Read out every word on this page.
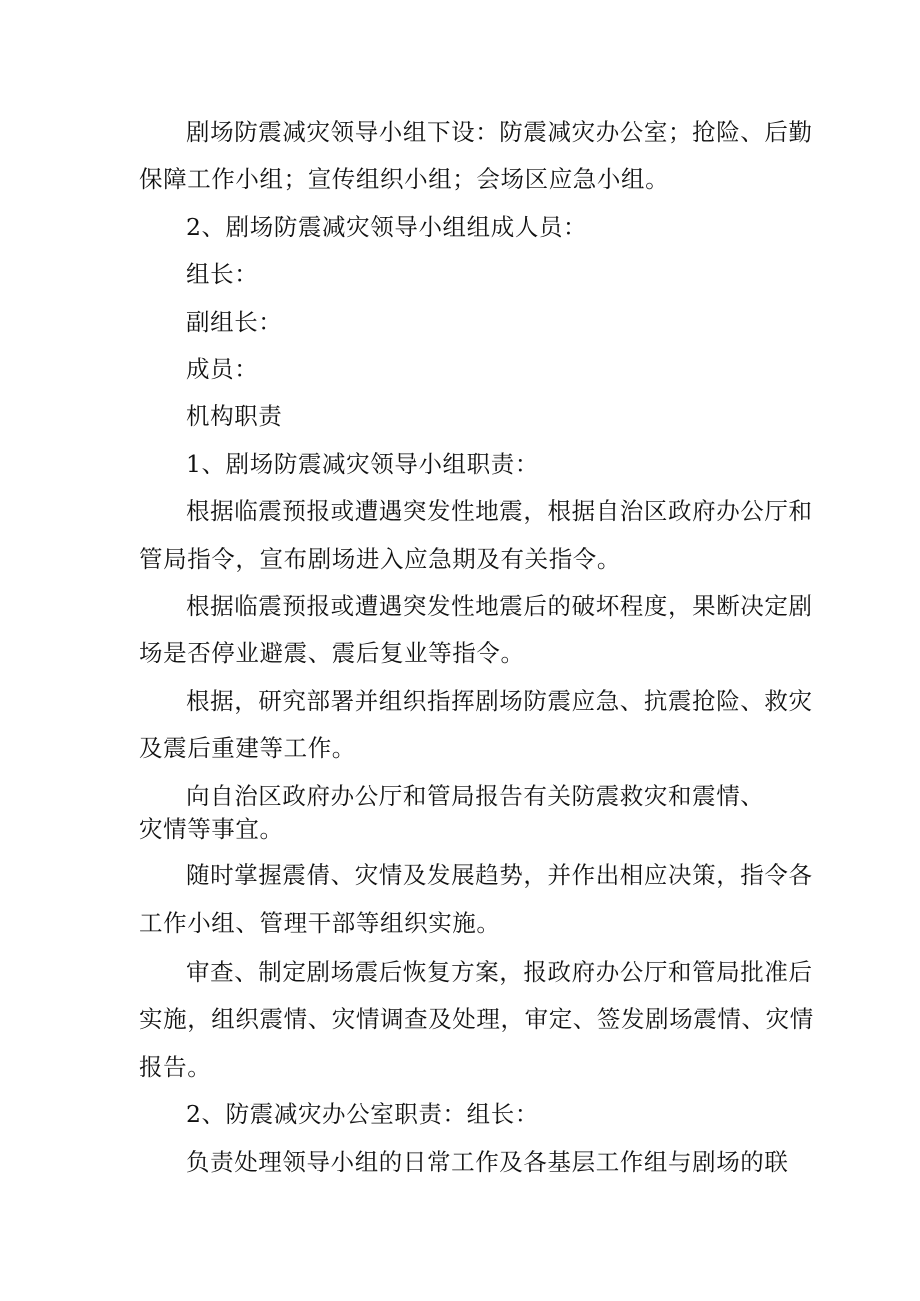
剧场防震减灾领导小组下设：防震减灾办公室；抢险、后勤
保障工作小组；宣传组织小组；会场区应急小组。
2、剧场防震减灾领导小组组成人员：
组长：
副组长：
成员：
机构职责
1、剧场防震减灾领导小组职责：
根据临震预报或遭遇突发性地震，根据自治区政府办公厅和
管局指令，宣布剧场进入应急期及有关指令。
根据临震预报或遭遇突发性地震后的破坏程度，果断决定剧
场是否停业避震、震后复业等指令。
根据，研究部署并组织指挥剧场防震应急、抗震抢险、救灾
及震后重建等工作。
向自治区政府办公厅和管局报告有关防震救灾和震情、
灾情等事宜。
随时掌握震倩、灾情及发展趋势，并作出相应决策，指令各
工作小组、管理干部等组织实施。
审查、制定剧场震后恢复方案，报政府办公厅和管局批准后
实施，组织震情、灾情调查及处理，审定、签发剧场震情、灾情
报告。
2、防震减灾办公室职责：组长：
负责处理领导小组的日常工作及各基层工作组与剧场的联
